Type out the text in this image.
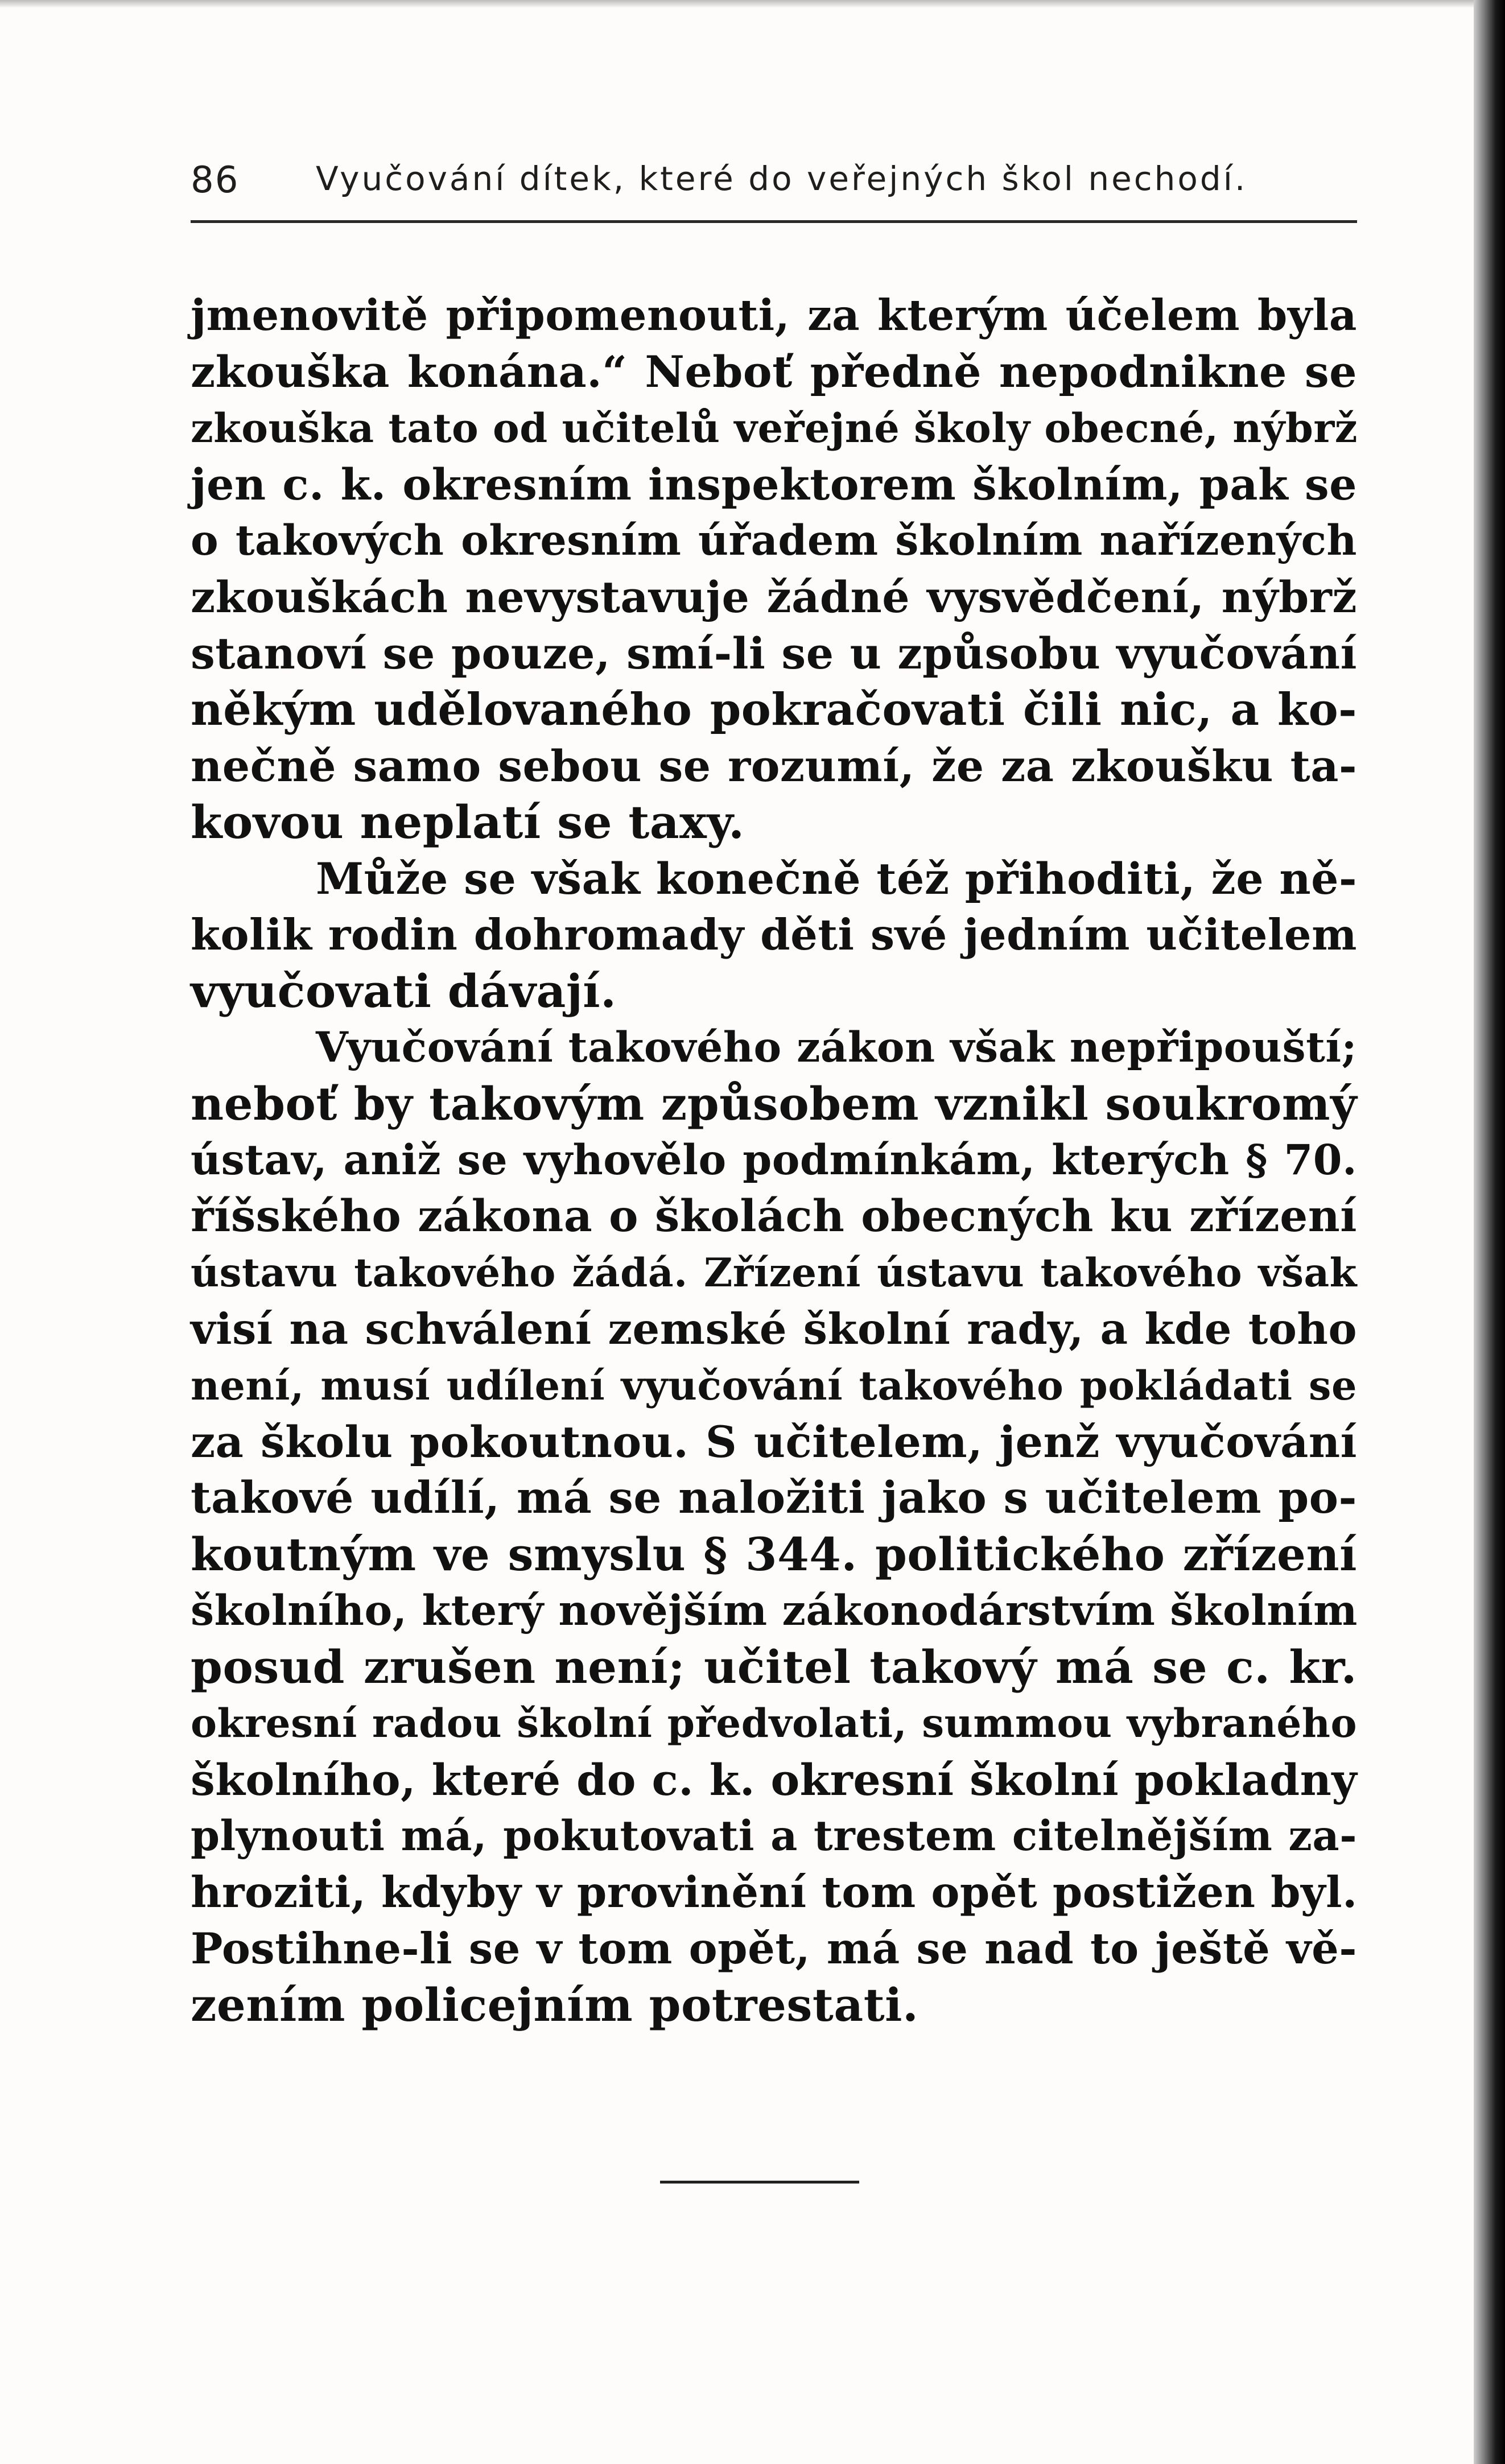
86 Vyučování dítek, které do veřejných škol nechodí.
jmenovitě připomenouti, za kterým účelem byla
zkouška konána.“ Neboť předně nepodnikne se
zkouška tato od učitelů veřejné školy obecné, nýbrž
jen c. k. okresním inspektorem školním, pak se
o takových okresním úřadem školním nařízených
zkouškách nevystavuje žádné vysvědčení, nýbrž
stanoví se pouze, smí-li se u způsobu vyučování
někým udělovaného pokračovati čili nic, a ko-
nečně samo sebou se rozumí, že za zkoušku ta-
kovou neplatí se taxy.
Může se však konečně též přihoditi, že ně-
kolik rodin dohromady děti své jedním učitelem
vyučovati dávají.
Vyučování takového zákon však nepřipouští;
neboť by takovým způsobem vznikl soukromý
ústav, aniž se vyhovělo podmínkám, kterých § 70.
říšského zákona o školách obecných ku zřízení
ústavu takového žádá. Zřízení ústavu takového však
visí na schválení zemské školní rady, a kde toho
není, musí udílení vyučování takového pokládati se
za školu pokoutnou. S učitelem, jenž vyučování
takové udílí, má se naložiti jako s učitelem po-
koutným ve smyslu § 344. politického zřízení
školního, který novějším zákonodárstvím školním
posud zrušen není; učitel takový má se c. kr.
okresní radou školní předvolati, summou vybraného
školního, které do c. k. okresní školní pokladny
plynouti má, pokutovati a trestem citelnějším za-
hroziti, kdyby v provinění tom opět postižen byl.
Postihne-li se v tom opět, má se nad to ještě vě-
zením policejním potrestati.
